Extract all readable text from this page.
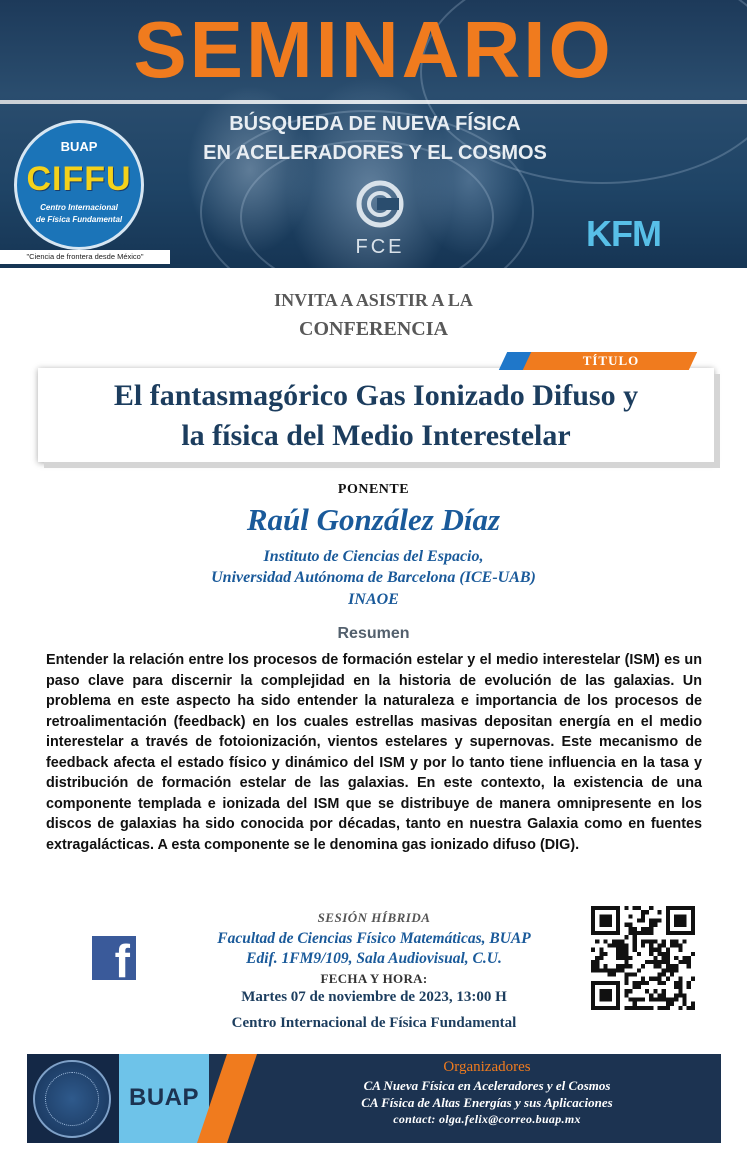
SEMINARIO
BÚSQUEDA DE NUEVA FÍSICA
EN ACELERADORES Y EL COSMOS
BUAP
CIFFU
Centro Internacional
de Física Fundamental
"Ciencia de frontera desde México"	FCE	KFM
INVITA A ASISTIR A LA
CONFERENCIA
El fantasmagórico Gas Ionizado Difuso y
la física del Medio Interestelar
TÍTULO
PONENTE
Raúl González Díaz
Instituto de Ciencias del Espacio,
Universidad Autónoma de Barcelona (ICE-UAB)
INAOE
Resumen
Entender la relación entre los procesos de formación estelar y el medio interestelar (ISM) es un paso clave para discernir la complejidad en la historia de evolución de las galaxias. Un problema en este aspecto ha sido entender la naturaleza e importancia de los procesos de retroalimentación (feedback) en los cuales estrellas masivas depositan energía en el medio interestelar a través de fotoionización, vientos estelares y supernovas. Este mecanismo de feedback afecta el estado físico y dinámico del ISM y por lo tanto tiene influencia en la tasa y distribución de formación estelar de las galaxias. En este contexto, la existencia de una componente templada e ionizada del ISM que se distribuye de manera omnipresente en los discos de galaxias ha sido conocida por décadas, tanto en nuestra Galaxia como en fuentes extragalácticas. A esta componente se le denomina gas ionizado difuso (DIG).
f
SESIÓN HÍBRIDA
Facultad de Ciencias Físico Matemáticas, BUAP
Edif. 1FM9/109, Sala Audiovisual, C.U.
FECHA Y HORA:
Martes 07 de noviembre de 2023, 13:00 H
Centro Internacional de Física Fundamental
BUAP
Organizadores
CA Nueva Física en Aceleradores y el Cosmos
CA Física de Altas Energías y sus Aplicaciones
contact: olga.felix@correo.buap.mx
